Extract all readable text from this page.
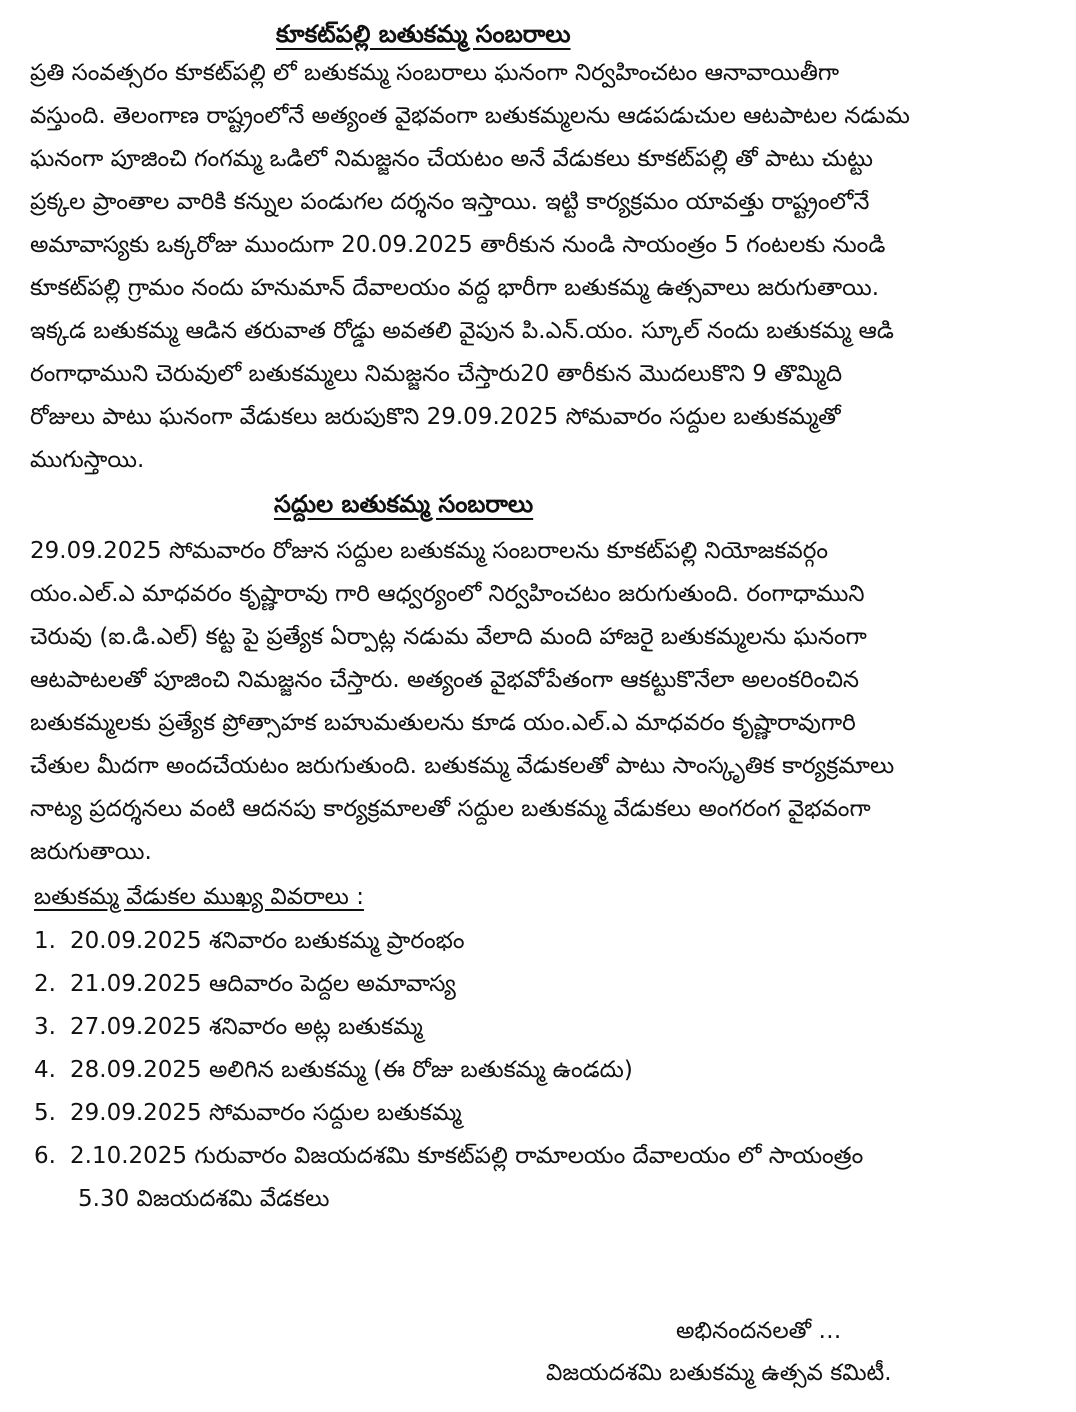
కూకట్‌పల్లి బతుకమ్మ సంబరాలు
ప్రతి సంవత్సరం కూకట్‌పల్లి లో బతుకమ్మ సంబరాలు ఘనంగా నిర్వహించటం ఆనావాయితీగా
వస్తుంది. తెలంగాణ రాష్ట్రంలోనే అత్యంత వైభవంగా బతుకమ్మలను ఆడపడుచుల ఆటపాటల నడుమ
ఘనంగా పూజించి గంగమ్మ ఒడిలో నిమజ్జనం చేయటం అనే వేడుకలు కూకట్‌పల్లి తో పాటు చుట్టు
ప్రక్కల ప్రాంతాల వారికి కన్నుల పండుగల దర్శనం ఇస్తాయి. ఇట్టి కార్యక్రమం యావత్తు రాష్ట్రంలోనే
అమావాస్యకు ఒక్కరోజు ముందుగా 20.09.2025 తారీకున నుండి సాయంత్రం 5 గంటలకు నుండి
కూకట్‌పల్లి గ్రామం నందు హనుమాన్ దేవాలయం వద్ద భారీగా బతుకమ్మ ఉత్సవాలు జరుగుతాయి.
ఇక్కడ బతుకమ్మ ఆడిన తరువాత రోడ్డు అవతలి వైపున పి.ఎన్.యం. స్కూల్ నందు బతుకమ్మ ఆడి
రంగాధాముని చెరువులో బతుకమ్మలు నిమజ్జనం చేస్తారు20 తారీకున మొదలుకొని 9 తొమ్మిది
రోజులు పాటు ఘనంగా వేడుకలు జరుపుకొని 29.09.2025 సోమవారం సద్దుల బతుకమ్మతో
ముగుస్తాయి.
సద్దుల బతుకమ్మ సంబరాలు
29.09.2025 సోమవారం రోజున సద్దుల బతుకమ్మ సంబరాలను కూకట్‌పల్లి నియోజకవర్గం
యం.ఎల్.ఎ మాధవరం కృష్ణారావు గారి ఆధ్వర్యంలో నిర్వహించటం జరుగుతుంది. రంగాధాముని
చెరువు (ఐ.డి.ఎల్) కట్ట పై ప్రత్యేక ఏర్పాట్ల నడుమ వేలాది మంది హాజరై బతుకమ్మలను ఘనంగా
ఆటపాటలతో పూజించి నిమజ్జనం చేస్తారు. అత్యంత వైభవోపేతంగా ఆకట్టుకొనేలా అలంకరించిన
బతుకమ్మలకు ప్రత్యేక ప్రోత్సాహక బహుమతులను కూడ యం.ఎల్.ఎ మాధవరం కృష్ణారావుగారి
చేతుల మీదగా అందచేయటం జరుగుతుంది. బతుకమ్మ వేడుకలతో పాటు సాంస్కృతిక కార్యక్రమాలు
నాట్య ప్రదర్శనలు వంటి ఆదనపు కార్యక్రమాలతో సద్దుల బతుకమ్మ వేడుకలు అంగరంగ వైభవంగా
జరుగుతాయి.
బతుకమ్మ వేడుకల ముఖ్య వివరాలు :
1. 20.09.2025 శనివారం బతుకమ్మ ప్రారంభం
2. 21.09.2025 ఆదివారం పెద్దల అమావాస్య
3. 27.09.2025 శనివారం అట్ల బతుకమ్మ
4. 28.09.2025 అలిగిన బతుకమ్మ (ఈ రోజు బతుకమ్మ ఉండదు)
5. 29.09.2025 సోమవారం సద్దుల బతుకమ్మ
6. 2.10.2025 గురువారం విజయదశమి కూకట్‌పల్లి రామాలయం దేవాలయం లో సాయంత్రం
5.30 విజయదశమి వేడకలు
అభినందనలతో …
విజయదశమి బతుకమ్మ ఉత్సవ కమిటీ.
